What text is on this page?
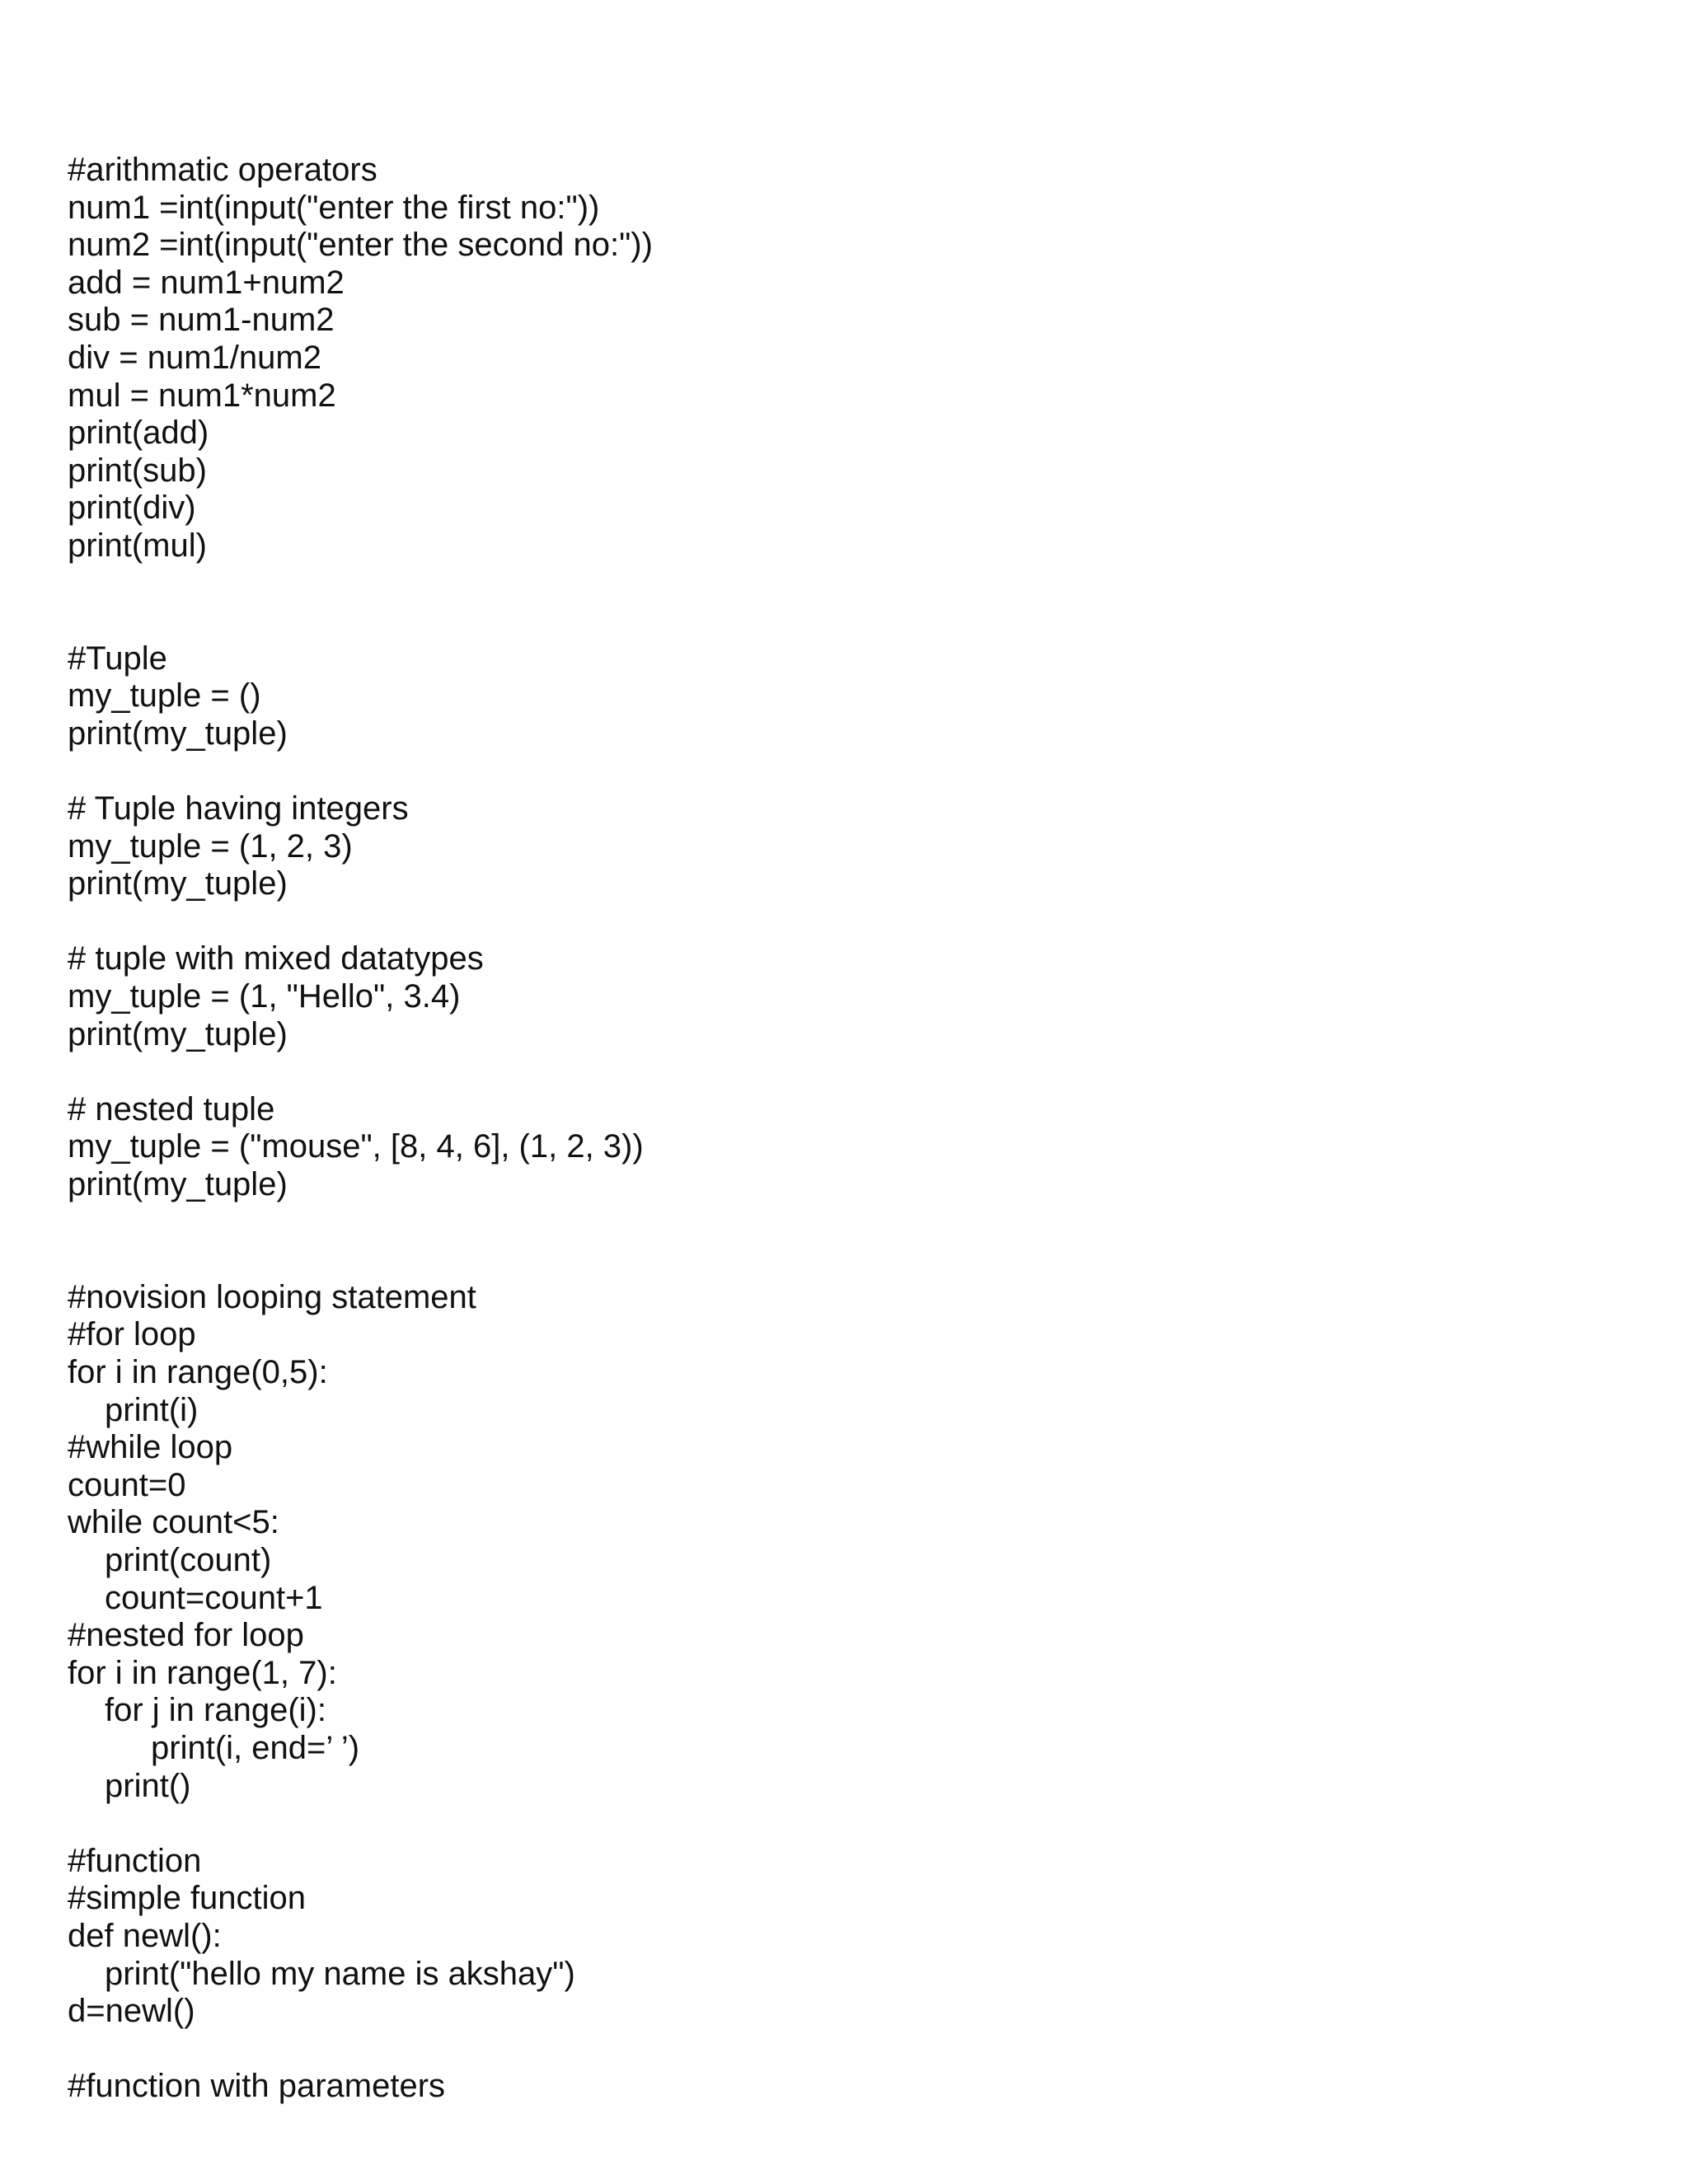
#arithmatic operators
num1 =int(input("enter the first no:"))
num2 =int(input("enter the second no:"))
add = num1+num2
sub = num1-num2
div = num1/num2
mul = num1*num2
print(add)
print(sub)
print(div)
print(mul)
#Tuple
my_tuple = ()
print(my_tuple)
# Tuple having integers
my_tuple = (1, 2, 3)
print(my_tuple)
# tuple with mixed datatypes
my_tuple = (1, "Hello", 3.4)
print(my_tuple)
# nested tuple
my_tuple = ("mouse", [8, 4, 6], (1, 2, 3))
print(my_tuple)
#novision looping statement
#for loop
for i in range(0,5):
print(i)
#while loop
count=0
while count<5:
print(count)
count=count+1
#nested for loop
for i in range(1, 7):
for j in range(i):
print(i, end=’ ’)
print()
#function
#simple function
def newl():
print("hello my name is akshay")
d=newl()
#function with parameters
